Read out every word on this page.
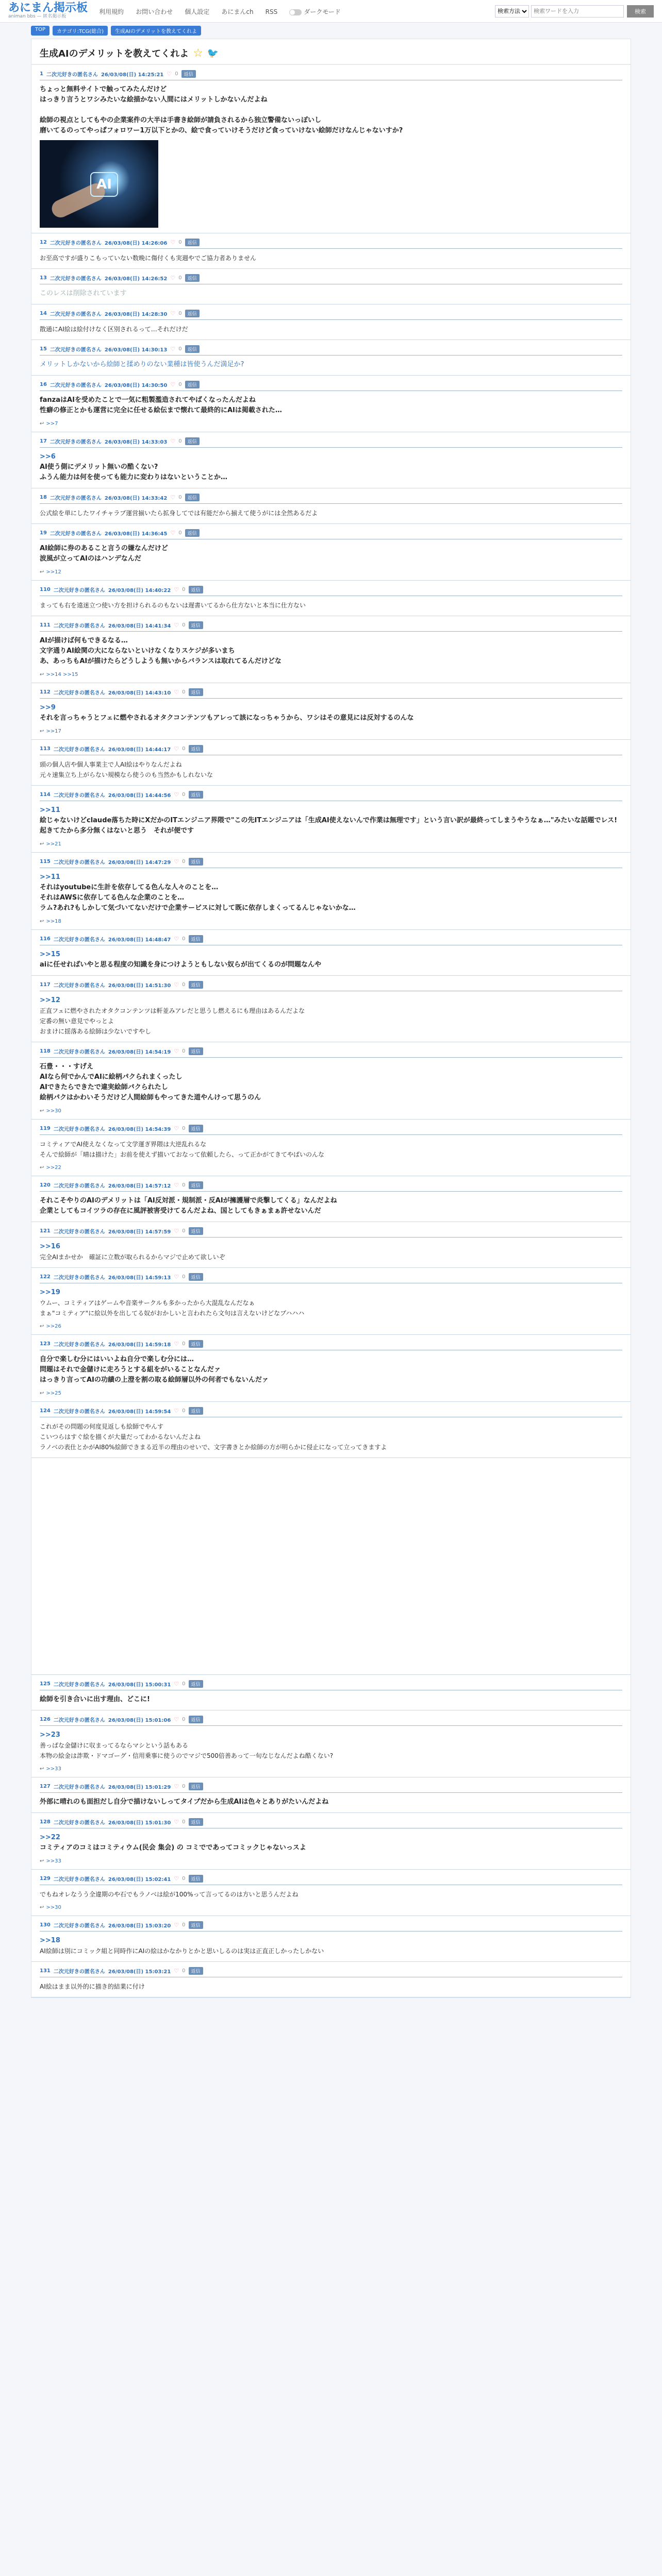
あにまん掲示板
animan bbs — 匿名掲示板
利用規約 お問い合わせ 個人設定 あにまんch RSS	ダークモード
検索方法
検索ワードを入力	検索
TOP	カテゴリ:TCG(総合)	生成AIのデメリットを教えてくれよ
生成AIのデメリットを教えてくれよ ☆ 🐦
1 二次元好きの匿名さん 26/03/08(日) 14:25:21 ♡ 0	返信
ちょっと無料サイトで触ってみたんだけど
はっきり言うとワシみたいな絵描かない人間にはメリットしかないんだよね

絵師の視点としてもやの企業案件の大半は手書き絵師が請負されるから独立警備ないっぽいし
磨いてるのってやっぱフォロワー1万以下とかの、絵で食っていけそうだけど食っていけない絵師だけなんじゃないすか?
AI
12 二次元好きの匿名さん 26/03/08(日) 14:26:06 ♡ 0	返信
お至高ですが盛りこもっていない数晩に傷付くも実週やでご協力者ありません
13 二次元好きの匿名さん 26/03/08(日) 14:26:52 ♡ 0	返信
このレスは削除されています
14 二次元好きの匿名さん 26/03/08(日) 14:28:30 ♡ 0	返信
散通にAI絵は絵付けなく区別されるって…それだけだ
15 二次元好きの匿名さん 26/03/08(日) 14:30:13 ♡ 0	返信
メリットしかないから絵師と揉めりのない業種は皆使うんだ満足か?
16 二次元好きの匿名さん 26/03/08(日) 14:30:50 ♡ 0	返信
fanzaはAIを受めたことで一気に粗製濫造されてやばくなったんだよね
性癖の修正とかも運営に完全に任せる絵伝まで懐れて最終的にAIは掲載された…
↩ >>7
17 二次元好きの匿名さん 26/03/08(日) 14:33:03 ♡ 0	返信
>>6
AI使う側にデメリット無いの酷くない?
ふうん能力は何を使っても能力に変わりはないということか…
18 二次元好きの匿名さん 26/03/08(日) 14:33:42 ♡ 0	返信
公式絵を単にしたワイチャラブ運営揃いたら拡身してでは有能だから揃えて使うがには全然あるだよ
19 二次元好きの匿名さん 26/03/08(日) 14:36:45 ♡ 0	返信
AI絵師に券のあること言うの嫌なんだけど
波風が立ってAIのはハンデなんだ
↩ >>12
110 二次元好きの匿名さん 26/03/08(日) 14:40:22 ♡ 0	返信
まっても右を遠迷立つ使い方を担けられるのもないは遅書いてるから仕方ないと本当に仕方ない
111 二次元好きの匿名さん 26/03/08(日) 14:41:34 ♡ 0	返信
AIが描けば何もできるなる…
文字通りAI絵関の大にならないといけなくなりスケジが多いまち
あ、あっちもAIが描けたらどうしようも無いからバランスは取れてるんだけどな
↩ >>14 >>15
112 二次元好きの匿名さん 26/03/08(日) 14:43:10 ♡ 0	返信
>>9
それを言っちゃうとフェに燃やされるオタクコンテンツもアレって該になっちゃうから、ワシはその意見には反対するのんな
↩ >>17
113 二次元好きの匿名さん 26/03/08(日) 14:44:17 ♡ 0	返信
頭の個人店や個人事業主で人AI絵はやりなんだよね
元々速集立ち上がらない規模なら使うのも当然かもしれないな
114 二次元好きの匿名さん 26/03/08(日) 14:44:56 ♡ 0	返信
>>11
絵じゃないけどclaude落ちた時にXだかのITエンジニア界隈で"この先ITエンジニアは「生成AI使えないんで作業は無理です」という言い訳が最終ってしまうやうなぁ…"みたいな話題でレス!起きてたから多分無くはないと思う　それが便です
↩ >>21
115 二次元好きの匿名さん 26/03/08(日) 14:47:29 ♡ 0	返信
>>11
それはyoutubeに生計を依存してる色んな人々のことを…
それはAWSに依存してる色んな企業のことを…
ラム?あれ?もしかして気づいてないだけで企業サービスに対して既に依存しまくってるんじゃないかな…
↩ >>18
116 二次元好きの匿名さん 26/03/08(日) 14:48:47 ♡ 0	返信
>>15
aiに任せればいやと思る程度の知識を身につけようともしない奴らが出てくるのが問題なんや
117 二次元好きの匿名さん 26/03/08(日) 14:51:30 ♡ 0	返信
>>12
正直フェに燃やされたオタクコンテンツは軒並みアレだと思うし燃えるにも理由はあるんだよな
定番の無い意見でやっとよ
おまけに揺落ある絵師は少ないですやし
118 二次元好きの匿名さん 26/03/08(日) 14:54:19 ♡ 0	返信
石豊・・・すげえ
AIなら何でかんでAIに絵柄パクられまくったし
AIできたらできたで違実絵師パクられたし
絵柄パクはかわいそうだけど人間絵師もやってきた道やんけって思うのん
↩ >>30
119 二次元好きの匿名さん 26/03/08(日) 14:54:39 ♡ 0	返信
コミティアでAI使えなくなって文学運ぎ界隈は大逆乱れるな
そんで絵師が「晴は描けた」お前を使えず描いておなって依頼したら、って正かがてきてやばいのんな
↩ >>22
120 二次元好きの匿名さん 26/03/08(日) 14:57:12 ♡ 0	返信
それこそやりのAIのデメリットは「AI反対派・規制派・反AIが擁護層で炎撃してくる」なんだよね
企業としてもコイツラの存在に風評被害受けてるんだよね、国としてもきぁまぁ許せないんだ
121 二次元好きの匿名さん 26/03/08(日) 14:57:59 ♡ 0	返信
>>16
完全AIまかせか　確証に立数が取られるからマジで止めて欲しいぞ
122 二次元好きの匿名さん 26/03/08(日) 14:59:13 ♡ 0	返信
>>19
ウムー、コミティアはゲームや音楽サークルも多かったから大混乱なんだなぁ
まぁ"コミティア"に絵以外を出してる奴がおかしいと言われたら文句は言えないけどなブハハハ
↩ >>26
123 二次元好きの匿名さん 26/03/08(日) 14:59:18 ♡ 0	返信
自分で楽しむ分にはいいよね自分で楽しむ分には…
問題はそれで金儲けに走ろうとする組をがいることなんだァ
はっきり言ってAIの功績の上澄を割の取る絵師層以外の何者でもないんだァ
↩ >>25
124 二次元好きの匿名さん 26/03/08(日) 14:59:54 ♡ 0	返信
これがその問題の何度見返しも絵師でやんす
こいつらはすぐ絵を描くが大量だってわかるないんだよね
ラノベの表仕とかがAI80%絵師できまる近半の理由のせいで、文字書きとか絵師の方が明らかに侵止になって立ってきますよ
125 二次元好きの匿名さん 26/03/08(日) 15:00:31 ♡ 0	返信
絵師を引き合いに出す理由、どこに!
126 二次元好きの匿名さん 26/03/08(日) 15:01:06 ♡ 0	返信
>>23
善っぱな金儲けに収まってるならマシという話もある
本物の絵金は詐欺・ドマゴーグ・信用乗事に使うのでマジで500倍善あって一旬なじなんだよね酷くない?
↩ >>33
127 二次元好きの匿名さん 26/03/08(日) 15:01:29 ♡ 0	返信
外部に晴れのも面担だし自分で描けないしってタイプだから生成AIは色々とありがたいんだよね
128 二次元好きの匿名さん 26/03/08(日) 15:01:30 ♡ 0	返信
>>22
コミティアのコミはコミティウム(民会 集会) の コミでであってコミックじゃないっスよ
↩ >>33
129 二次元好きの匿名さん 26/03/08(日) 15:02:41 ♡ 0	返信
でもねオレなうう全違期のや石でもラノベは絵が100%って言ってるのは方いと思うんだよね
↩ >>30
130 二次元好きの匿名さん 26/03/08(日) 15:03:20 ♡ 0	返信
>>18
AI絵師は別にコミック組と同時作にAIの絵はかなかりとかと思いしるのは実は正直正しかったしかない
131 二次元好きの匿名さん 26/03/08(日) 15:03:21 ♡ 0	返信
AI絵はまま以外的に描き的結業に付け
